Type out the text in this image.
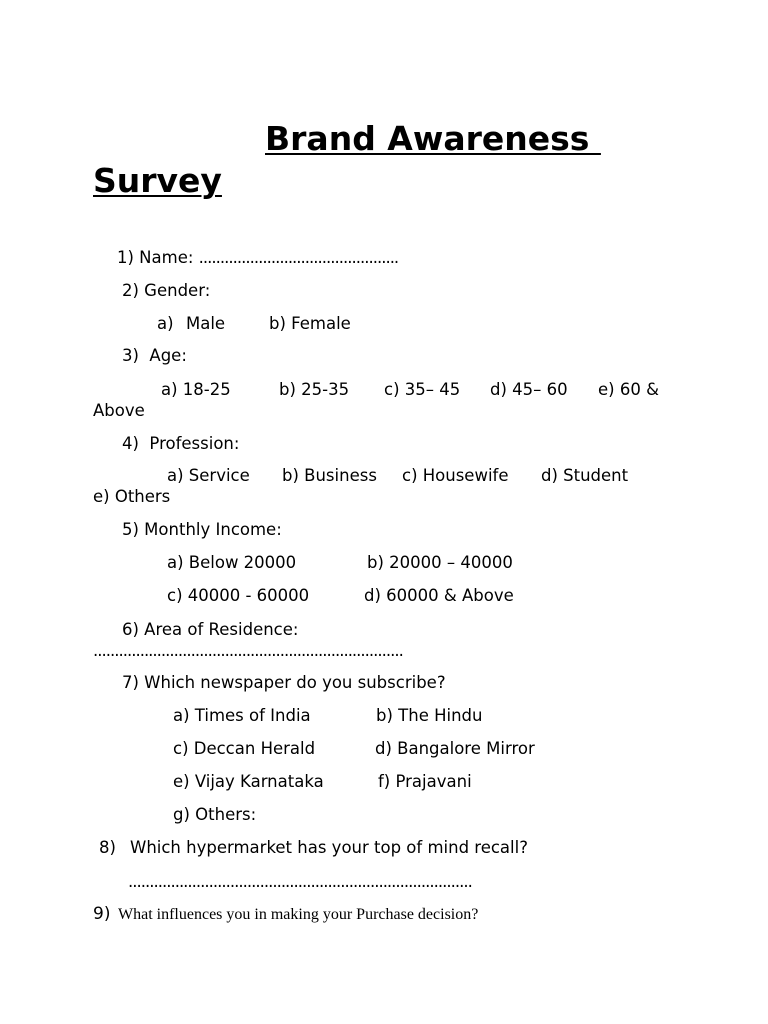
Brand Awareness
Survey
1) Name: ...............................................
2) Gender:
a) Male	b) Female
3)  Age:
a) 18-25	b) 25-35 c) 35– 45 d) 45– 60 e) 60 &
Above
4)  Profession:
a) Service b) Business c) Housewife d) Student
e) Others
5) Monthly Income:
a) Below 20000	b) 20000 – 40000
c) 40000 - 60000	d) 60000 & Above
6) Area of Residence:
.........................................................................
7) Which newspaper do you subscribe?
a) Times of India	b) The Hindu
c) Deccan Herald	d) Bangalore Mirror
e) Vijay Karnataka	f) Prajavani
g) Others:
8) Which hypermarket has your top of mind recall?
.................................................................................
9) What influences you in making your Purchase decision?
